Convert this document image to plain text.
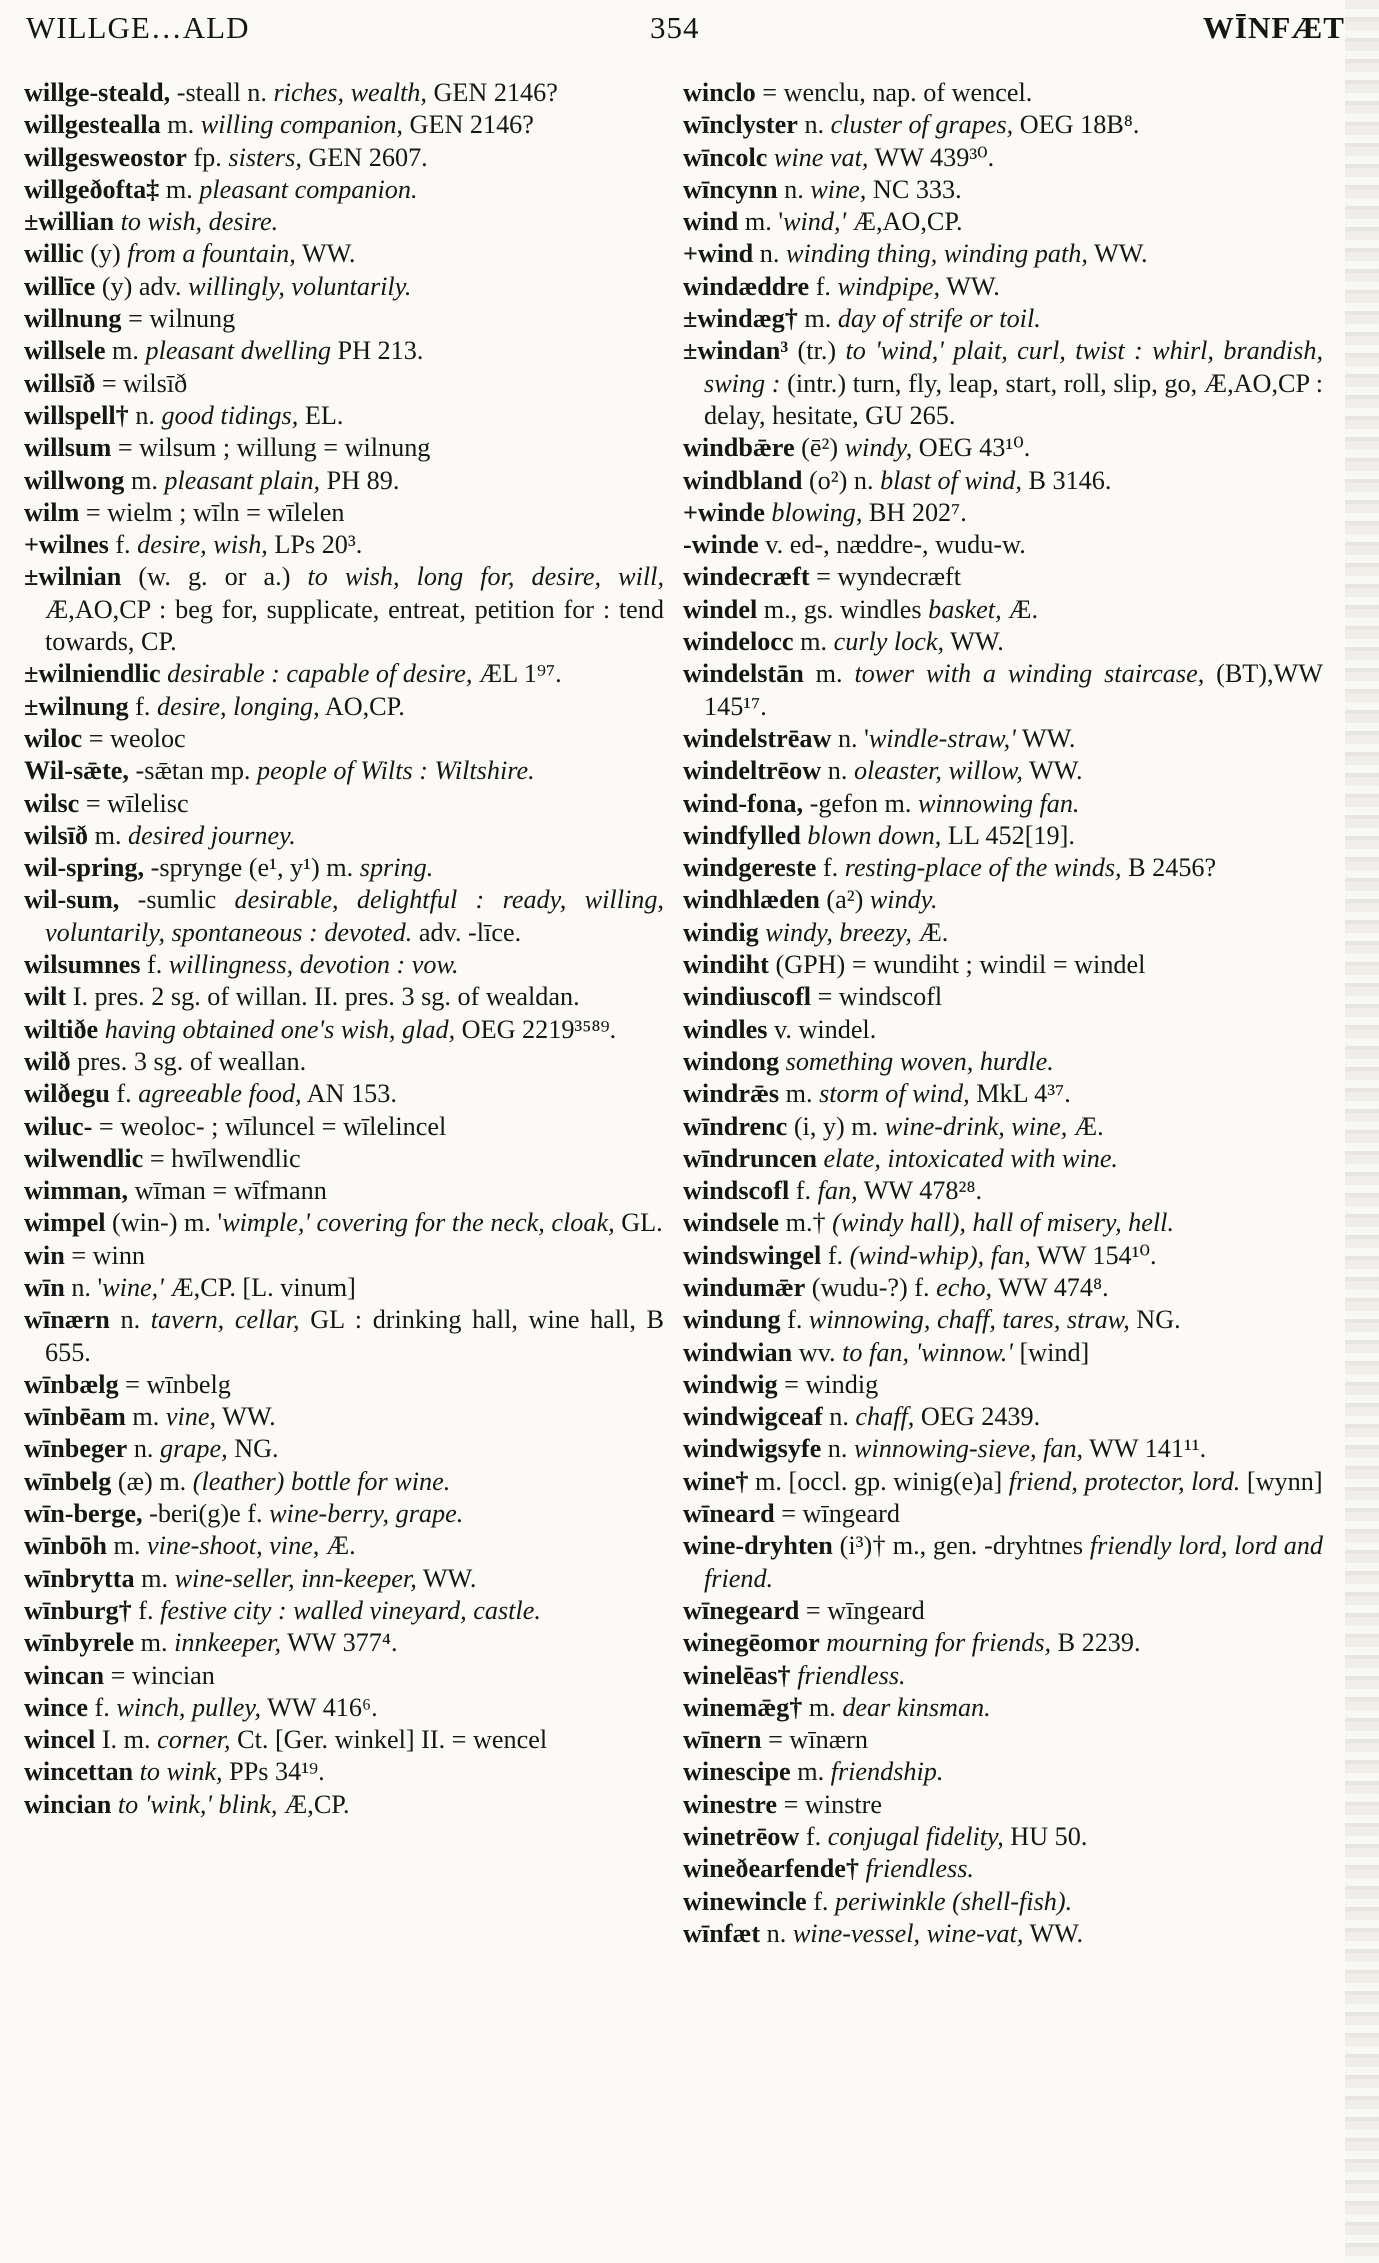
WILLGE…ALD	354	WĪNFÆT
willge-steald, -steall n. riches, wealth, GEN 2146?
willgestealla m. willing companion, GEN 2146?
willgesweostor fp. sisters, GEN 2607.
willgeðofta‡ m. pleasant companion.
±willian to wish, desire.
willic (y) from a fountain, WW.
willīce (y) adv. willingly, voluntarily.
willnung = wilnung
willsele m. pleasant dwelling PH 213.
willsīð = wilsīð
willspell† n. good tidings, EL.
willsum = wilsum ; willung = wilnung
willwong m. pleasant plain, PH 89.
wilm = wielm ; wīln = wīlelen
+wilnes f. desire, wish, LPs 20³.
±wilnian (w. g. or a.) to wish, long for, desire, will, Æ,AO,CP : beg for, supplicate, entreat, petition for : tend towards, CP.
±wilniendlic desirable : capable of desire, ÆL 1⁹⁷.
±wilnung f. desire, longing, AO,CP.
wiloc = weoloc
Wil-sǣte, -sǣtan mp. people of Wilts : Wiltshire.
wilsc = wīlelisc
wilsīð m. desired journey.
wil-spring, -sprynge (e¹, y¹) m. spring.
wil-sum, -sumlic desirable, delightful : ready, willing, voluntarily, spontaneous : devoted. adv. -līce.
wilsumnes f. willingness, devotion : vow.
wilt I. pres. 2 sg. of willan. II. pres. 3 sg. of wealdan.
wiltiðe having obtained one's wish, glad, OEG 2219³⁵⁸⁹.
wilð pres. 3 sg. of weallan.
wilðegu f. agreeable food, AN 153.
wiluc- = weoloc- ; wīluncel = wīlelincel
wilwendlic = hwīlwendlic
wimman, wīman = wīfmann
wimpel (win-) m. 'wimple,' covering for the neck, cloak, GL.
win = winn
wīn n. 'wine,' Æ,CP. [L. vinum]
wīnærn n. tavern, cellar, GL : drinking hall, wine hall, B 655.
wīnbælg = wīnbelg
wīnbēam m. vine, WW.
wīnbeger n. grape, NG.
wīnbelg (æ) m. (leather) bottle for wine.
wīn-berge, -beri(g)e f. wine-berry, grape.
wīnbōh m. vine-shoot, vine, Æ.
wīnbrytta m. wine-seller, inn-keeper, WW.
wīnburg† f. festive city : walled vineyard, castle.
wīnbyrele m. innkeeper, WW 377⁴.
wincan = wincian
wince f. winch, pulley, WW 416⁶.
wincel I. m. corner, Ct. [Ger. winkel] II. = wencel
wincettan to wink, PPs 34¹⁹.
wincian to 'wink,' blink, Æ,CP.
winclo = wenclu, nap. of wencel.
wīnclyster n. cluster of grapes, OEG 18B⁸.
wīncolc wine vat, WW 439³⁰.
wīncynn n. wine, NC 333.
wind m. 'wind,' Æ,AO,CP.
+wind n. winding thing, winding path, WW.
windæddre f. windpipe, WW.
±windæg† m. day of strife or toil.
±windan³ (tr.) to 'wind,' plait, curl, twist : whirl, brandish, swing : (intr.) turn, fly, leap, start, roll, slip, go, Æ,AO,CP : delay, hesitate, GU 265.
windbǣre (ē²) windy, OEG 43¹⁰.
windbland (o²) n. blast of wind, B 3146.
+winde blowing, BH 202⁷.
-winde v. ed-, næddre-, wudu-w.
windecræft = wyndecræft
windel m., gs. windles basket, Æ.
windelocc m. curly lock, WW.
windelstān m. tower with a winding staircase, (BT),WW 145¹⁷.
windelstrēaw n. 'windle-straw,' WW.
windeltrēow n. oleaster, willow, WW.
wind-fona, -gefon m. winnowing fan.
windfylled blown down, LL 452[19].
windgereste f. resting-place of the winds, B 2456?
windhlæden (a²) windy.
windig windy, breezy, Æ.
windiht (GPH) = wundiht ; windil = windel
windiuscofl = windscofl
windles v. windel.
windong something woven, hurdle.
windrǣs m. storm of wind, MkL 4³⁷.
wīndrenc (i, y) m. wine-drink, wine, Æ.
wīndruncen elate, intoxicated with wine.
windscofl f. fan, WW 478²⁸.
windsele m.† (windy hall), hall of misery, hell.
windswingel f. (wind-whip), fan, WW 154¹⁰.
windumǣr (wudu-?) f. echo, WW 474⁸.
windung f. winnowing, chaff, tares, straw, NG.
windwian wv. to fan, 'winnow.' [wind]
windwig = windig
windwigceaf n. chaff, OEG 2439.
windwigsyfe n. winnowing-sieve, fan, WW 141¹¹.
wine† m. [occl. gp. winig(e)a] friend, protector, lord. [wynn]
wīneard = wīngeard
wine-dryhten (i³)† m., gen. -dryhtnes friendly lord, lord and friend.
wīnegeard = wīngeard
winegēomor mourning for friends, B 2239.
winelēas† friendless.
winemǣg† m. dear kinsman.
wīnern = wīnærn
winescipe m. friendship.
winestre = winstre
winetrēow f. conjugal fidelity, HU 50.
wineðearfende† friendless.
winewincle f. periwinkle (shell-fish).
wīnfæt n. wine-vessel, wine-vat, WW.
